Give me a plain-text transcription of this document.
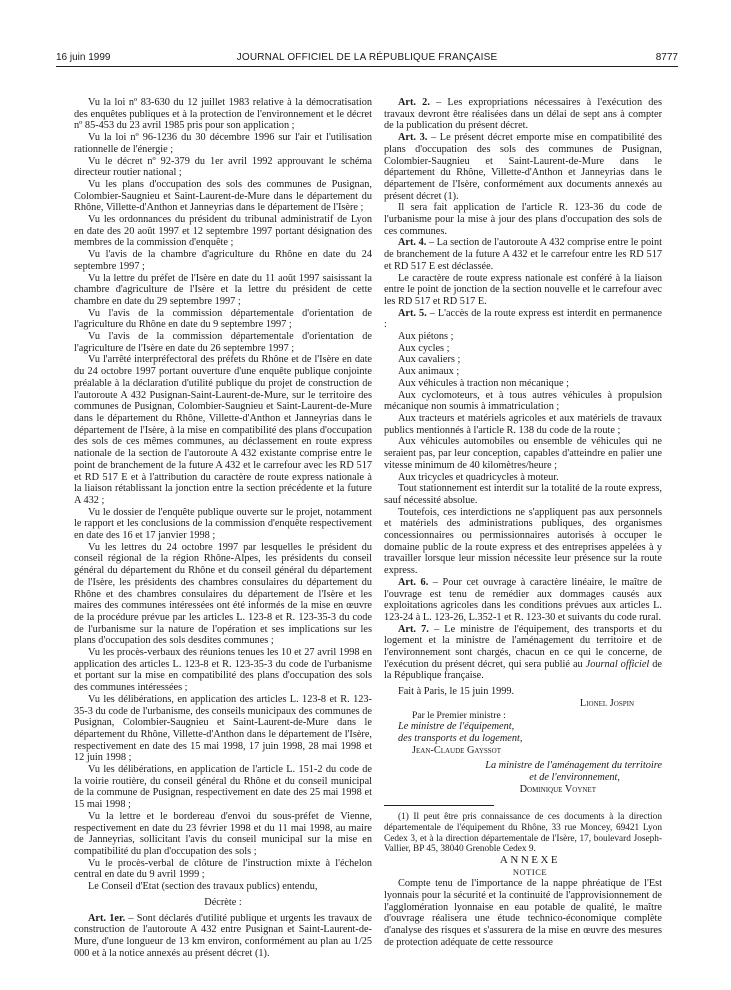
16 juin 1999	JOURNAL OFFICIEL DE LA RÉPUBLIQUE FRANÇAISE	8777

Vu la loi nº 83-630 du 12 juillet 1983 relative à la démocratisation des enquêtes publiques et à la protection de l'environnement et le décret nº 85-453 du 23 avril 1985 pris pour son application ;

Vu la loi nº 96-1236 du 30 décembre 1996 sur l'air et l'utilisation rationnelle de l'énergie ;

Vu le décret nº 92-379 du 1er avril 1992 approuvant le schéma directeur routier national ;

Vu les plans d'occupation des sols des communes de Pusignan, Colombier-Saugnieu et Saint-Laurent-de-Mure dans le département du Rhône, Villette-d'Anthon et Janneyrias dans le département de l'Isère ;

Vu les ordonnances du président du tribunal administratif de Lyon en date des 20 août 1997 et 12 septembre 1997 portant désignation des membres de la commission d'enquête ;

Vu l'avis de la chambre d'agriculture du Rhône en date du 24 septembre 1997 ;

Vu la lettre du préfet de l'Isère en date du 11 août 1997 saisissant la chambre d'agriculture de l'Isère et la lettre du président de cette chambre en date du 29 septembre 1997 ;

Vu l'avis de la commission départementale d'orientation de l'agriculture du Rhône en date du 9 septembre 1997 ;

Vu l'avis de la commission départementale d'orientation de l'agriculture de l'Isère en date du 26 septembre 1997 ;

Vu l'arrêté interpréfectoral des préfets du Rhône et de l'Isère en date du 24 octobre 1997 portant ouverture d'une enquête publique conjointe préalable à la déclaration d'utilité publique du projet de construction de l'autoroute A 432 Pusignan-Saint-Laurent-de-Mure, sur le territoire des communes de Pusignan, Colombier-Saugnieu et Saint-Laurent-de-Mure dans le département du Rhône, Villette-d'Anthon et Janneyrias dans le département de l'Isère, à la mise en compatibilité des plans d'occupation des sols de ces mêmes communes, au déclassement en route express nationale de la section de l'autoroute A 432 existante comprise entre le point de branchement de la future A 432 et le carrefour avec les RD 517 et RD 517 E et à l'attribution du caractère de route express nationale à la liaison rétablissant la jonction entre la section précédente et la future A 432 ;

Vu le dossier de l'enquête publique ouverte sur le projet, notamment le rapport et les conclusions de la commission d'enquête respectivement en date des 16 et 17 janvier 1998 ;

Vu les lettres du 24 octobre 1997 par lesquelles le président du conseil régional de la région Rhône-Alpes, les présidents du conseil général du département du Rhône et du conseil général du département de l'Isère, les présidents des chambres consulaires du département du Rhône et des chambres consulaires du département de l'Isère et les maires des communes intéressées ont été informés de la mise en œuvre de la procédure prévue par les articles L. 123-8 et R. 123-35-3 du code de l'urbanisme sur la nature de l'opération et ses implications sur les plans d'occupation des sols desdites communes ;

Vu les procès-verbaux des réunions tenues les 10 et 27 avril 1998 en application des articles L. 123-8 et R. 123-35-3 du code de l'urbanisme et portant sur la mise en compatibilité des plans d'occupation des sols des communes intéressées ;

Vu les délibérations, en application des articles L. 123-8 et R. 123-35-3 du code de l'urbanisme, des conseils municipaux des communes de Pusignan, Colombier-Saugnieu et Saint-Laurent-de-Mure dans le département du Rhône, Villette-d'Anthon dans le département de l'Isère, respectivement en date des 15 mai 1998, 17 juin 1998, 28 mai 1998 et 12 juin 1998 ;

Vu les délibérations, en application de l'article L. 151-2 du code de la voirie routière, du conseil général du Rhône et du conseil municipal de la commune de Pusignan, respectivement en date des 25 mai 1998 et 15 mai 1998 ;

Vu la lettre et le bordereau d'envoi du sous-préfet de Vienne, respectivement en date du 23 février 1998 et du 11 mai 1998, au maire de Janneyrias, sollicitant l'avis du conseil municipal sur la mise en compatibilité du plan d'occupation des sols ;

Vu le procès-verbal de clôture de l'instruction mixte à l'échelon central en date du 9 avril 1999 ;

Le Conseil d'Etat (section des travaux publics) entendu,

Décrète :

Art. 1er. – Sont déclarés d'utilité publique et urgents les travaux de construction de l'autoroute A 432 entre Pusignan et Saint-Laurent-de-Mure, d'une longueur de 13 km environ, conformément au plan au 1/25 000 et à la notice annexés au présent décret (1).

Art. 2. – Les expropriations nécessaires à l'exécution des travaux devront être réalisées dans un délai de sept ans à compter de la publication du présent décret.

Art. 3. – Le présent décret emporte mise en compatibilité des plans d'occupation des sols des communes de Pusignan, Colombier-Saugnieu et Saint-Laurent-de-Mure dans le département du Rhône, Villette-d'Anthon et Janneyrias dans le département de l'Isère, conformément aux documents annexés au présent décret (1).

Il sera fait application de l'article R. 123-36 du code de l'urbanisme pour la mise à jour des plans d'occupation des sols de ces communes.

Art. 4. – La section de l'autoroute A 432 comprise entre le point de branchement de la future A 432 et le carrefour entre les RD 517 et RD 517 E est déclassée.

Le caractère de route express nationale est conféré à la liaison entre le point de jonction de la section nouvelle et le carrefour avec les RD 517 et RD 517 E.

Art. 5. – L'accès de la route express est interdit en permanence :

Aux piétons ;

Aux cycles ;

Aux cavaliers ;

Aux animaux ;

Aux véhicules à traction non mécanique ;

Aux cyclomoteurs, et à tous autres véhicules à propulsion mécanique non soumis à immatriculation ;

Aux tracteurs et matériels agricoles et aux matériels de travaux publics mentionnés à l'article R. 138 du code de la route ;

Aux véhicules automobiles ou ensemble de véhicules qui ne seraient pas, par leur conception, capables d'atteindre en palier une vitesse minimum de 40 kilomètres/heure ;

Aux tricycles et quadricycles à moteur.

Tout stationnement est interdit sur la totalité de la route express, sauf nécessité absolue.

Toutefois, ces interdictions ne s'appliquent pas aux personnels et matériels des administrations publiques, des organismes concessionnaires ou permissionnaires autorisés à occuper le domaine public de la route express et des entreprises appelées à y travailler lorsque leur mission nécessite leur présence sur la route express.

Art. 6. – Pour cet ouvrage à caractère linéaire, le maître de l'ouvrage est tenu de remédier aux dommages causés aux exploitations agricoles dans les conditions prévues aux articles L. 123-24 à L. 123-26, L.352-1 et R. 123-30 et suivants du code rural.

Art. 7. – Le ministre de l'équipement, des transports et du logement et la ministre de l'aménagement du territoire et de l'environnement sont chargés, chacun en ce qui le concerne, de l'exécution du présent décret, qui sera publié au Journal officiel de la République française.

Fait à Paris, le 15 juin 1999.

Lionel Jospin

Par le Premier ministre :

Le ministre de l'équipement,

des transports et du logement,

Jean-Claude Gayssot

La ministre de l'aménagement du territoire

et de l'environnement,

Dominique Voynet

(1) Il peut être pris connaissance de ces documents à la direction départementale de l'équipement du Rhône, 33 rue Moncey, 69421 Lyon Cedex 3, et à la direction départementale de l'Isère, 17, boulevard Joseph-Vallier, BP 45, 38040 Grenoble Cedex 9.

ANNEXE

NOTICE

Compte tenu de l'importance de la nappe phréatique de l'Est lyonnais pour la sécurité et la continuité de l'approvisionnement de l'agglomération lyonnaise en eau potable de qualité, le maître d'ouvrage réalisera une étude technico-économique complète d'analyse des risques et s'assurera de la mise en œuvre des mesures de protection adéquate de cette ressource
